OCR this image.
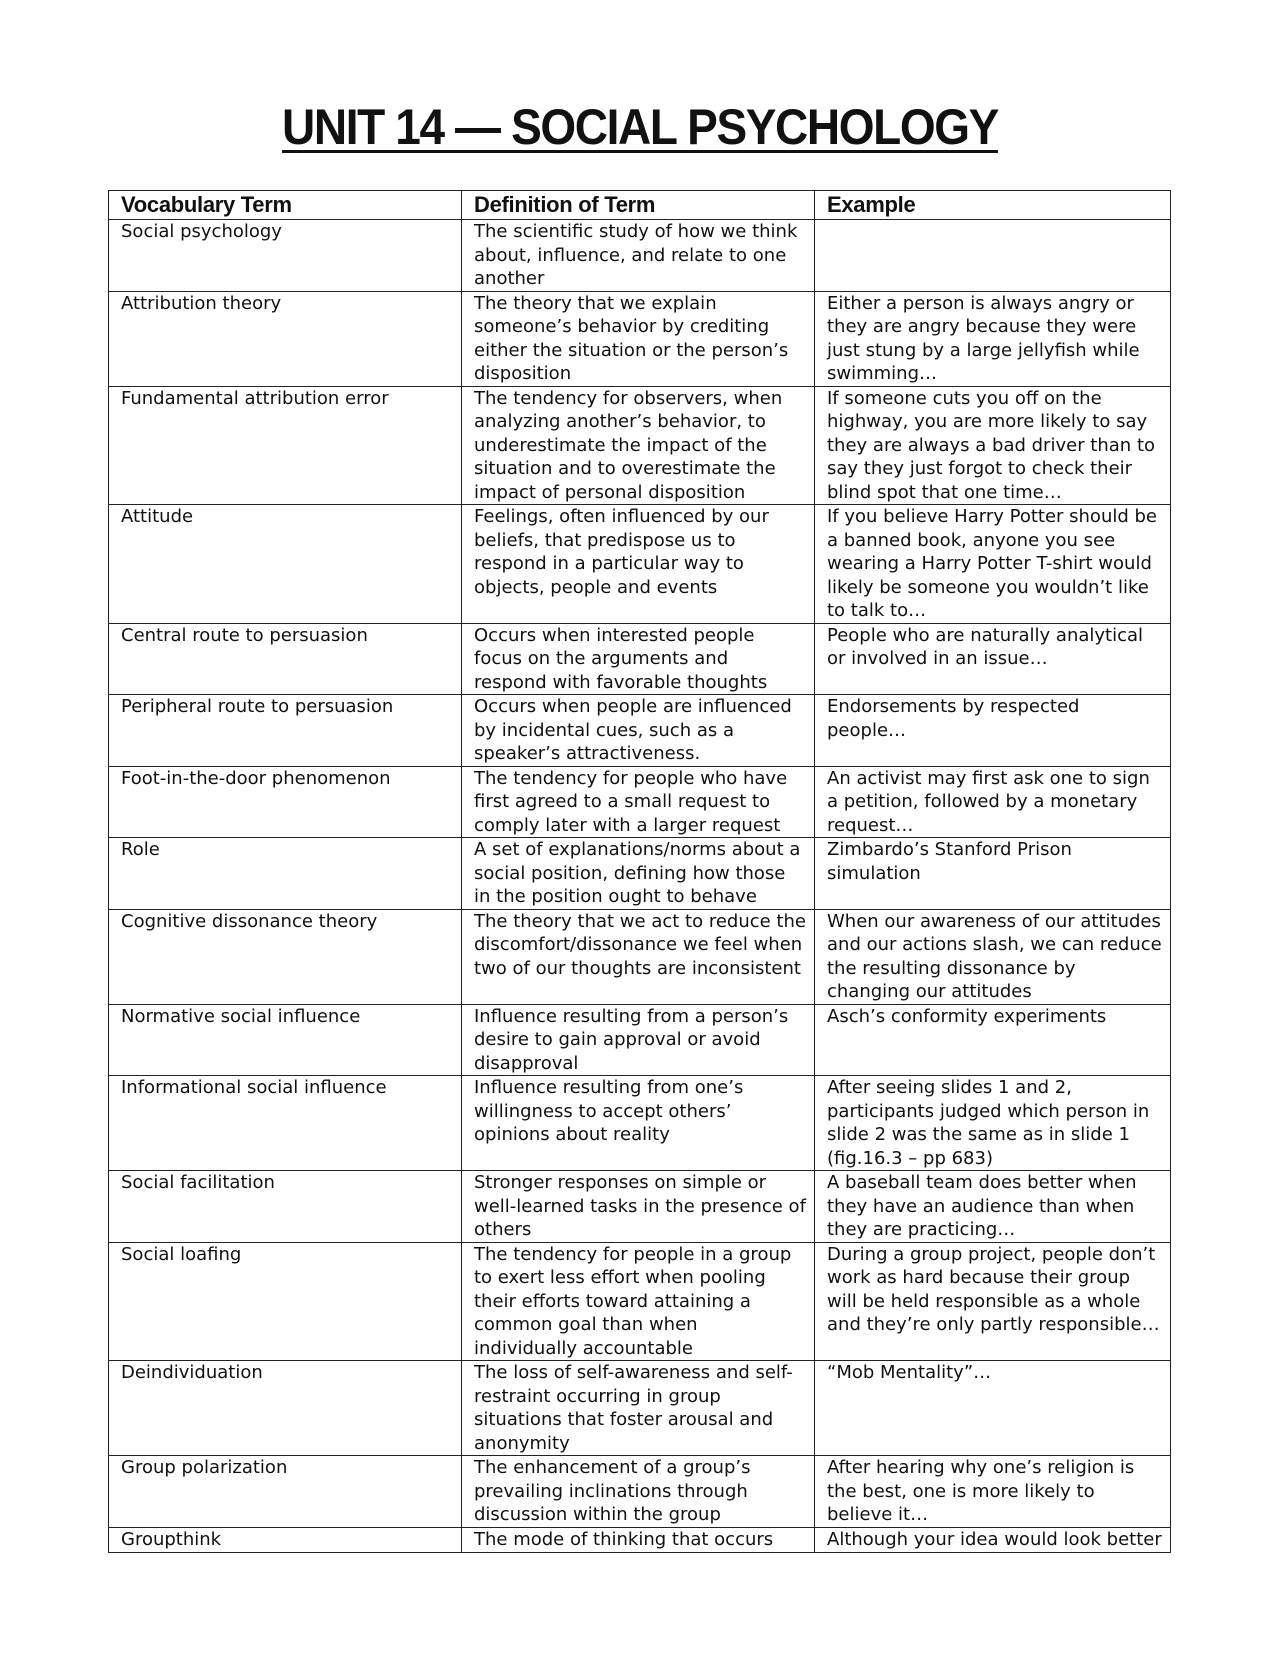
UNIT 14 — SOCIAL PSYCHOLOGY
Vocabulary Term	Definition of Term	Example
Social psychology	The scientific study of how we think about, influence, and relate to one another	
Attribution theory	The theory that we explain someone’s behavior by crediting either the situation or the person’s disposition	Either a person is always angry or they are angry because they were just stung by a large jellyfish while swimming…
Fundamental attribution error	The tendency for observers, when analyzing another’s behavior, to underestimate the impact of the situation and to overestimate the impact of personal disposition	If someone cuts you off on the highway, you are more likely to say they are always a bad driver than to say they just forgot to check their blind spot that one time…
Attitude	Feelings, often influenced by our beliefs, that predispose us to respond in a particular way to objects, people and events	If you believe Harry Potter should be a banned book, anyone you see wearing a Harry Potter T-shirt would likely be someone you wouldn’t like to talk to…
Central route to persuasion	Occurs when interested people focus on the arguments and respond with favorable thoughts	People who are naturally analytical or involved in an issue…
Peripheral route to persuasion	Occurs when people are influenced by incidental cues, such as a speaker’s attractiveness.	Endorsements by respected people…
Foot-in-the-door phenomenon	The tendency for people who have first agreed to a small request to comply later with a larger request	An activist may first ask one to sign a petition, followed by a monetary request…
Role	A set of explanations/norms about a social position, defining how those in the position ought to behave	Zimbardo’s Stanford Prison simulation
Cognitive dissonance theory	The theory that we act to reduce the discomfort/dissonance we feel when two of our thoughts are inconsistent	When our awareness of our attitudes and our actions slash, we can reduce the resulting dissonance by changing our attitudes
Normative social influence	Influence resulting from a person’s desire to gain approval or avoid disapproval	Asch’s conformity experiments
Informational social influence	Influence resulting from one’s willingness to accept others’ opinions about reality	After seeing slides 1 and 2, participants judged which person in slide 2 was the same as in slide 1 (fig.16.3 – pp 683)
Social facilitation	Stronger responses on simple or well-learned tasks in the presence of others	A baseball team does better when they have an audience than when they are practicing…
Social loafing	The tendency for people in a group to exert less effort when pooling their efforts toward attaining a common goal than when individually accountable	During a group project, people don’t work as hard because their group will be held responsible as a whole and they’re only partly responsible…
Deindividuation	The loss of self-awareness and self-restraint occurring in group situations that foster arousal and anonymity	“Mob Mentality”…
Group polarization	The enhancement of a group’s prevailing inclinations through discussion within the group	After hearing why one’s religion is the best, one is more likely to believe it…
Groupthink	The mode of thinking that occurs	Although your idea would look better
